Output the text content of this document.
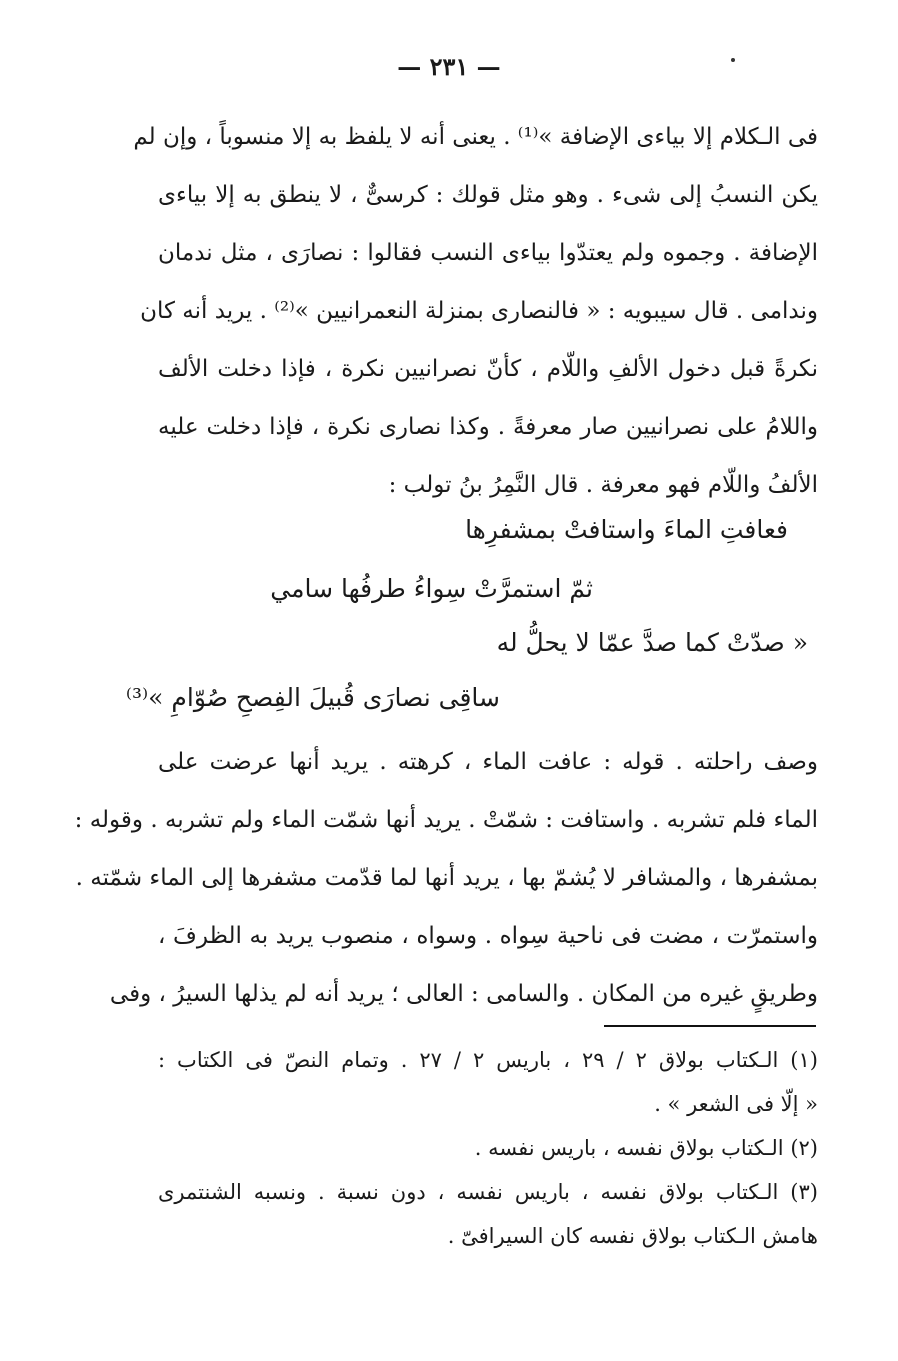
— ٢٣١ —
فى الـكلام إلا بياءى الإضافة »⁽¹⁾ . يعنى أنه لا يلفظ به إلا منسوباً ، وإن لم
يكن النسبُ إلى شىء . وهو مثل قولك : كرسىٌّ ، لا ينطق به إلا بياءى
الإضافة . وجموه ولم يعتدّوا بياءى النسب فقالوا : نصارَى ، مثل ندمان
وندامى . قال سيبويه : « فالنصارى بمنزلة النعمرانيين »⁽²⁾ . يريد أنه كان
نكرةً قبل دخول الألفِ واللّام ، كأنّ نصرانيين نكرة ، فإذا دخلت الألف
واللامُ على نصرانيين صار معرفةً . وكذا نصارى نكرة ، فإذا دخلت عليه
الألفُ واللّام فهو معرفة . قال النَّمِرُ بنُ تولب :
فعافتِ الماءَ واستافتْ بمشفرِها
ثمّ استمرَّتْ سِواءُ طرفُها سامي
« صدّتْ كما صدَّ عمّا لا يحلُّ له
ساقِى نصارَى قُبيلَ الفِصحِ صُوّامِ »⁽³⁾
وصف راحلته . قوله : عافت الماء ، كرهته . يريد أنها عرضت على
الماء فلم تشربه . واستافت : شمّتْ . يريد أنها شمّت الماء ولم تشربه . وقوله :
بمشفرها ، والمشافر لا يُشمّ بها ، يريد أنها لما قدّمت مشفرها إلى الماء شمّته .
واستمرّت ، مضت فى ناحية سِواه . وسواه ، منصوب يريد به الظرفَ ،
وطريقٍ غيره من المكان . والسامى : العالى ؛ يريد أنه لم يذلها السيرُ ، وفى
(١) الـكتاب بولاق ٢ / ٢٩ ، باريس ٢ / ٢٧ . وتمام النصّ فى الكتاب :
« إلّا فى الشعر » .
(٢) الـكتاب بولاق نفسه ، باريس نفسه .
(٣) الـكتاب بولاق نفسه ، باريس نفسه ، دون نسبة . ونسبه الشنتمرى
هامش الـكتاب بولاق نفسه كان السيرافىّ .
